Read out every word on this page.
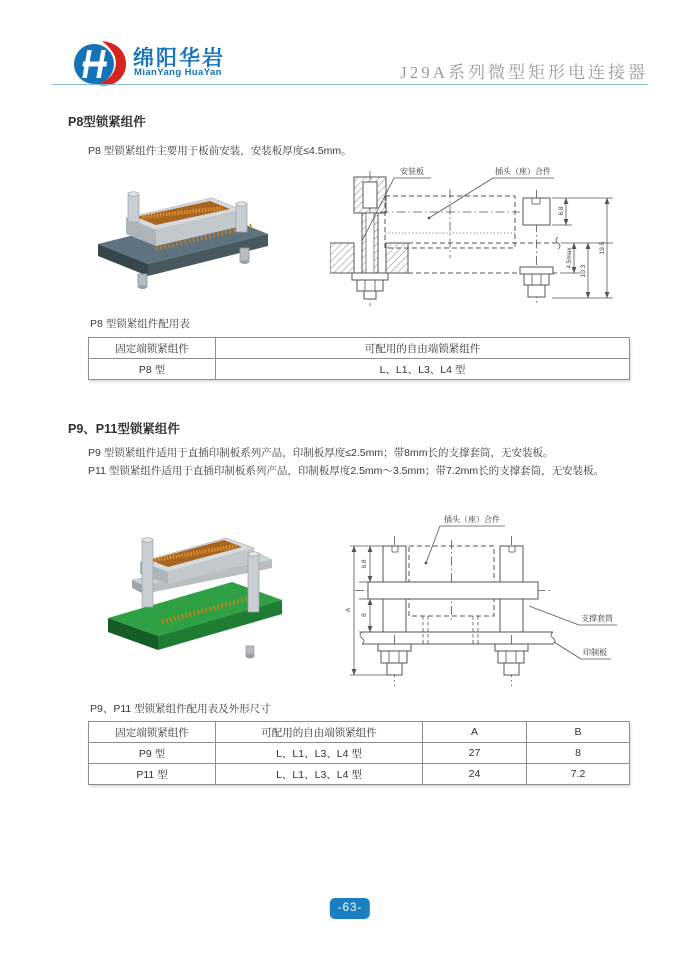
绵阳华岩
MianYang HuaYan	J29A系列微型矩形电连接器
P8型锁紧组件
P8 型锁紧组件主要用于板前安装，安装板厚度≤4.5mm。
安装板	插头（座）合件
6.8
4.5max
10.3
19.5
P8 型锁紧组件配用表
固定端锁紧组件	可配用的自由端锁紧组件
P8 型	L、L1、L3、L4 型
P9、P11型锁紧组件
P9 型锁紧组件适用于直插印制板系列产品，印制板厚度≤2.5mm；带8mm长的支撑套筒，无安装板。
P11 型锁紧组件适用于直插印制板系列产品，印制板厚度2.5mm～3.5mm；带7.2mm长的支撑套筒，无安装板。
插头（座）合件
支撑套筒
印制板
6.8
8
A
P9、P11 型锁紧组件配用表及外形尺寸
固定端锁紧组件	可配用的自由端锁紧组件	A	B
P9 型	L、L1、L3、L4 型	27	8
P11 型	L、L1、L3、L4 型	24	7.2
-63-
